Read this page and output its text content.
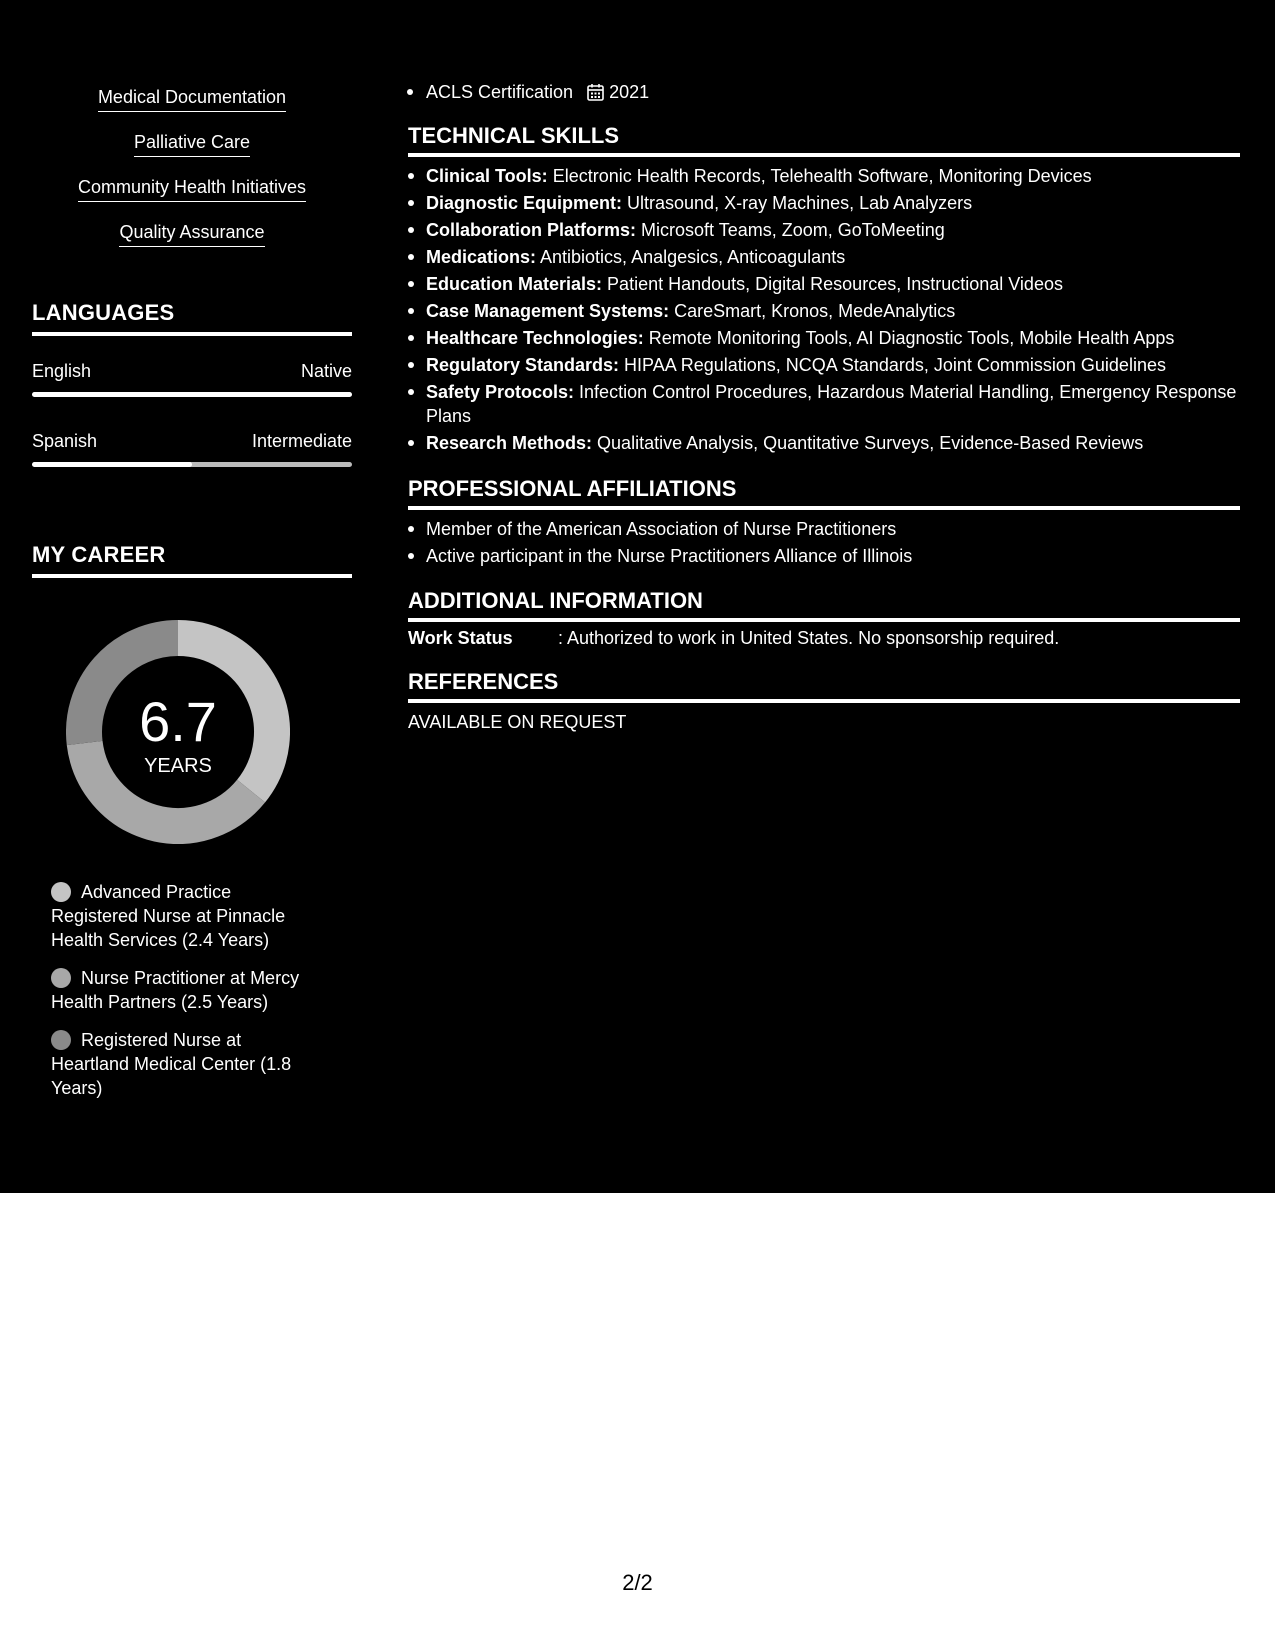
Medical Documentation
Palliative Care
Community Health Initiatives
Quality Assurance
LANGUAGES
English	Native
Spanish	Intermediate
MY CAREER
6.7
YEARS
Advanced Practice Registered Nurse at Pinnacle Health Services (2.4 Years)
Nurse Practitioner at Mercy Health Partners (2.5 Years)
Registered Nurse at Heartland Medical Center (1.8 Years)
ACLS Certification 2021
TECHNICAL SKILLS
Clinical Tools: Electronic Health Records, Telehealth Software, Monitoring Devices
Diagnostic Equipment: Ultrasound, X-ray Machines, Lab Analyzers
Collaboration Platforms: Microsoft Teams, Zoom, GoToMeeting
Medications: Antibiotics, Analgesics, Anticoagulants
Education Materials: Patient Handouts, Digital Resources, Instructional Videos
Case Management Systems: CareSmart, Kronos, MedeAnalytics
Healthcare Technologies: Remote Monitoring Tools, AI Diagnostic Tools, Mobile Health Apps
Regulatory Standards: HIPAA Regulations, NCQA Standards, Joint Commission Guidelines
Safety Protocols: Infection Control Procedures, Hazardous Material Handling, Emergency Response Plans
Research Methods: Qualitative Analysis, Quantitative Surveys, Evidence-Based Reviews
PROFESSIONAL AFFILIATIONS
Member of the American Association of Nurse Practitioners
Active participant in the Nurse Practitioners Alliance of Illinois
ADDITIONAL INFORMATION
Work Status	: Authorized to work in United States. No sponsorship required.
REFERENCES
AVAILABLE ON REQUEST
2/2
